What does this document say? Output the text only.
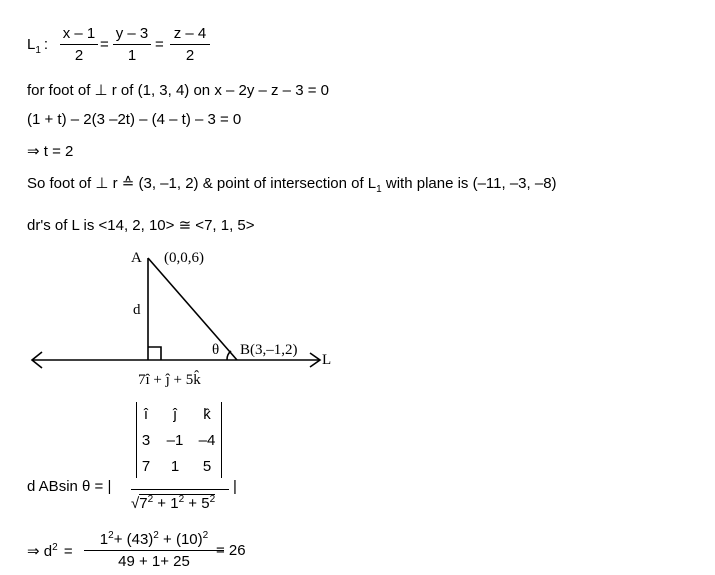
$L_1$ :
x – 1
2
=
y – 3
1
=
z – 4
2
for foot of ⊥ r of (1, 3, 4) on x – 2y – z – 3 = 0
(1 + t) – 2(3 –2t) – (4 – t) – 3 = 0
⇒ t = 2
So foot of ⊥ r ≙ (3, –1, 2) & point of intersection of $L_1$ with plane is (–11, –3, –8)
dr's of L is <14, 2, 10> ≅ <7, 1, 5>
A (0,0,6)
d
θ B(3,–1,2)
L
7î + ĵ + 5k̂
d ABsin θ = |
î	ĵ	k̂
3	–1	–4
7	1	5
$√7^2 + 1^2 + 5^2$
|
⇒ $d^2$ =
$1^2+ (43)^2 + (10)^2$
49 + 1+ 25
= 26
